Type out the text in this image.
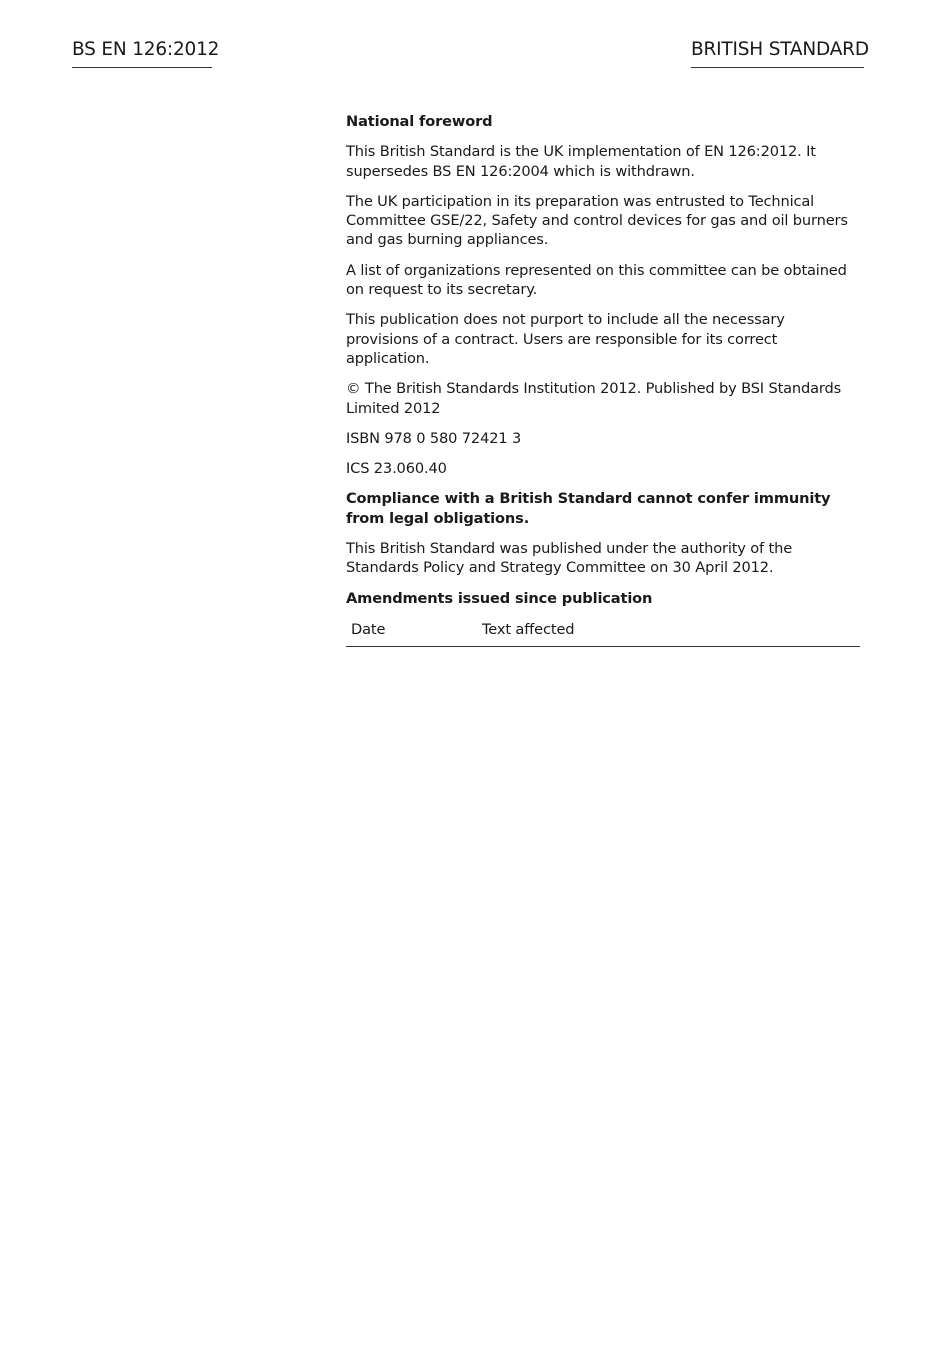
BS EN 126:2012	BRITISH STANDARD

National foreword

This British Standard is the UK implementation of EN 126:2012. It supersedes BS EN 126:2004 which is withdrawn.

The UK participation in its preparation was entrusted to Technical Committee GSE/22, Safety and control devices for gas and oil burners and gas burning appliances.

A list of organizations represented on this committee can be obtained on request to its secretary.

This publication does not purport to include all the necessary provisions of a contract. Users are responsible for its correct application.

© The British Standards Institution 2012. Published by BSI Standards Limited 2012

ISBN 978 0 580 72421 3

ICS 23.060.40

Compliance with a British Standard cannot confer immunity from legal obligations.

This British Standard was published under the authority of the Standards Policy and Strategy Committee on 30 April 2012.

Amendments issued since publication

Date	Text affected
